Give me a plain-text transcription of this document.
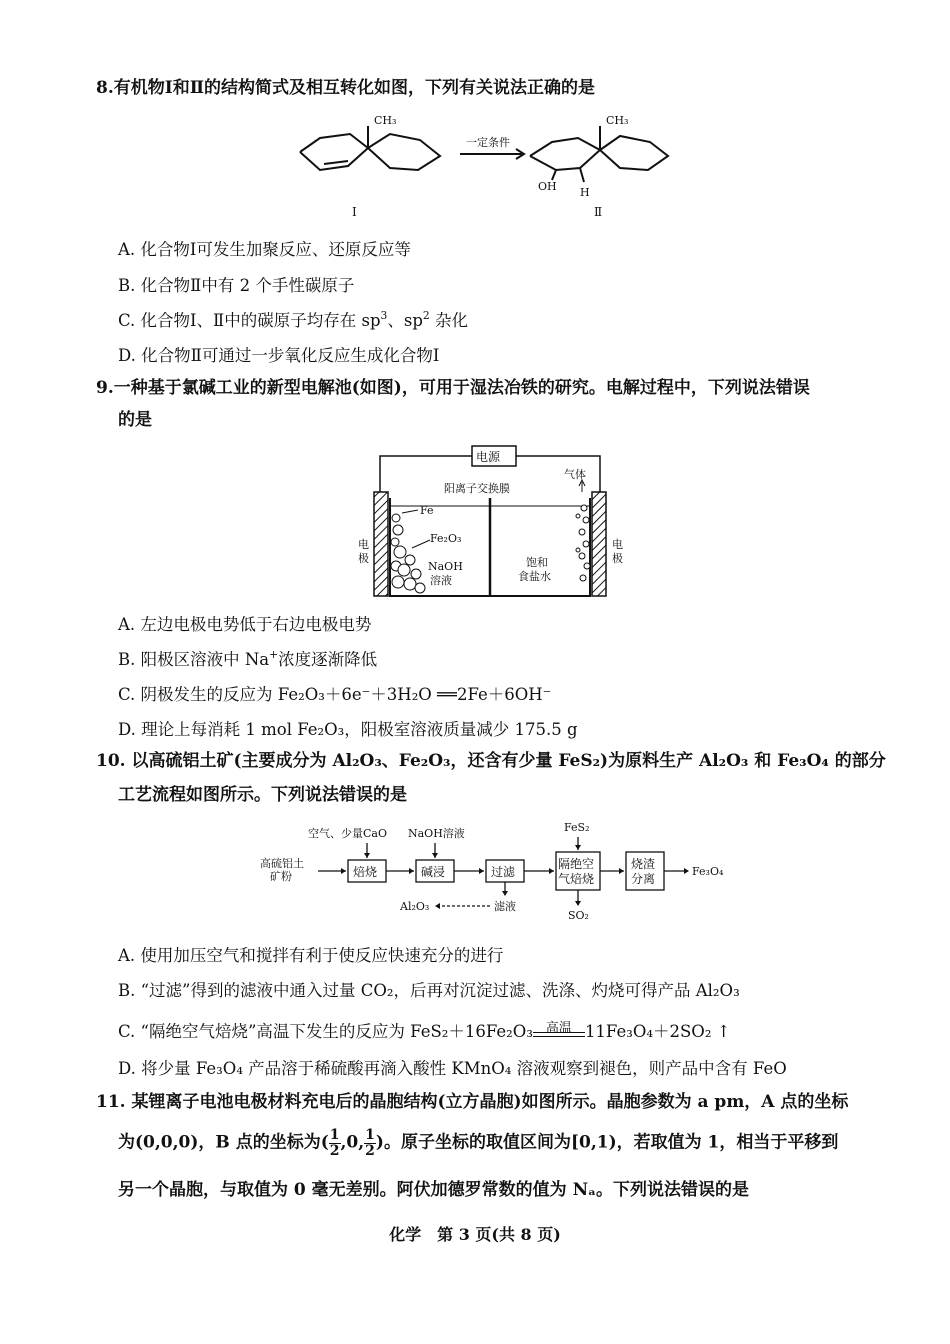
8.有机物Ⅰ和Ⅱ的结构简式及相互转化如图，下列有关说法正确的是
CH₃
一定条件
CH₃
OH H
Ⅰ	Ⅱ
A. 化合物Ⅰ可发生加聚反应、还原反应等
B. 化合物Ⅱ中有 2 个手性碳原子
C. 化合物Ⅰ、Ⅱ中的碳原子均存在 $sp^3$、$sp^2$ 杂化
D. 化合物Ⅱ可通过一步氧化反应生成化合物Ⅰ
9.一种基于氯碱工业的新型电解池(如图)，可用于湿法冶铁的研究。电解过程中，下列说法错误
的是
电源
阳离子交换膜
Fe
Fe₂O₃
NaOH
溶液
气体
饱和
食盐水
电
极
电
极
A. 左边电极电势低于右边电极电势
B. 阳极区溶液中 Na+浓度逐渐降低
C. 阴极发生的反应为 Fe₂O₃＋6e⁻＋3H₂O ══2Fe＋6OH⁻
D. 理论上每消耗 1 mol Fe₂O₃，阳极室溶液质量减少 175.5 g
10. 以高硫铝土矿(主要成分为 Al₂O₃、Fe₂O₃，还含有少量 FeS₂)为原料生产 Al₂O₃ 和 Fe₃O₄ 的部分
工艺流程如图所示。下列说法错误的是
空气、少量CaO NaOH溶液	FeS₂
高硫铝土
矿粉	焙烧	碱浸	过滤
隔绝空
气焙烧
烧渣
分离
Fe₃O₄
Al₂O₃	滤液
SO₂
A. 使用加压空气和搅拌有利于使反应快速充分的进行
B. “过滤”得到的滤液中通入过量 CO₂，后再对沉淀过滤、洗涤、灼烧可得产品 Al₂O₃
C. “隔绝空气焙烧”高温下发生的反应为 FeS₂＋16Fe₂O₃ 高温 11Fe₃O₄＋2SO₂ ↑
D. 将少量 Fe₃O₄ 产品溶于稀硫酸再滴入酸性 KMnO₄ 溶液观察到褪色，则产品中含有 FeO
11. 某锂离子电池电极材料充电后的晶胞结构(立方晶胞)如图所示。晶胞参数为 a pm，A 点的坐标
为(0,0,0)，B 点的坐标为( $\frac{1}{2} ,0$, $\frac{1}{2}$ )。原子坐标的取值区间为[0,1)，若取值为 1，相当于平移到
另一个晶胞，与取值为 0 毫无差别。阿伏加德罗常数的值为 Nₐ。下列说法错误的是
化学　第 3 页(共 8 页)
